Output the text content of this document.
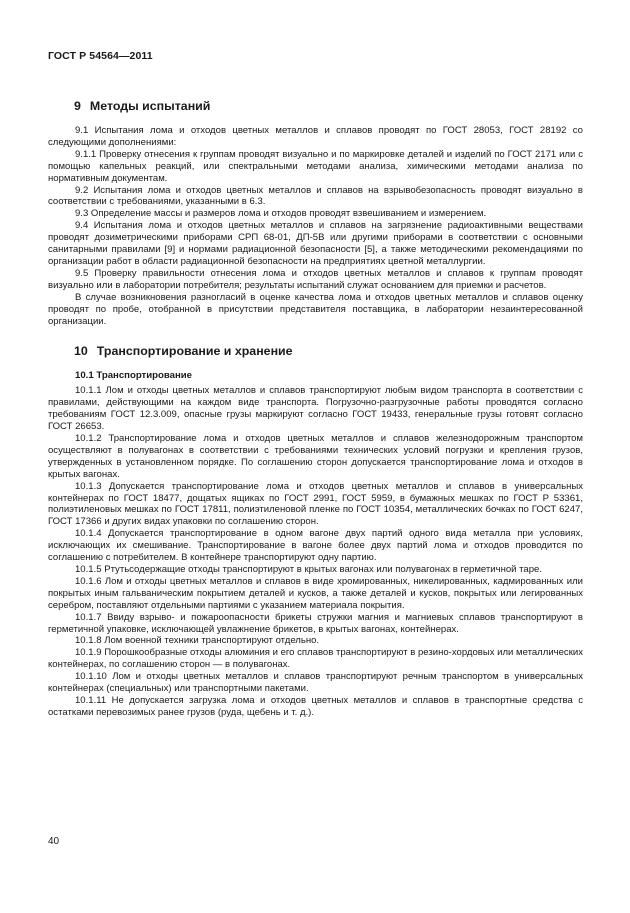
ГОСТ Р 54564—2011
9 Методы испытаний

9.1 Испытания лома и отходов цветных металлов и сплавов проводят по ГОСТ 28053, ГОСТ 28192 со следующими дополнениями:

9.1.1 Проверку отнесения к группам проводят визуально и по маркировке деталей и изделий по ГОСТ 2171 или с помощью капельных реакций, или спектральными методами анализа, химическими методами анализа по нормативным документам.

9.2 Испытания лома и отходов цветных металлов и сплавов на взрывобезопасность проводят визуально в соответствии с требованиями, указанными в 6.3.

9.3 Определение массы и размеров лома и отходов проводят взвешиванием и измерением.

9.4 Испытания лома и отходов цветных металлов и сплавов на загрязнение радиоактивными веществами проводят дозиметрическими приборами СРП 68-01, ДП-5В или другими приборами в соответствии с основными санитарными правилами [9] и нормами радиационной безопасности [5], а также методическими рекомендациями по организации работ в области радиационной безопасности на предприятиях цветной металлургии.

9.5 Проверку правильности отнесения лома и отходов цветных металлов и сплавов к группам проводят визуально или в лаборатории потребителя; результаты испытаний служат основанием для приемки и расчетов.

В случае возникновения разногласий в оценке качества лома и отходов цветных металлов и сплавов оценку проводят по пробе, отобранной в присутствии представителя поставщика, в лаборатории незаинтересованной организации.

10 Транспортирование и хранение
10.1 Транспортирование

10.1.1 Лом и отходы цветных металлов и сплавов транспортируют любым видом транспорта в соответствии с правилами, действующими на каждом виде транспорта. Погрузочно-разгрузочные работы проводятся согласно требованиям ГОСТ 12.3.009, опасные грузы маркируют согласно ГОСТ 19433, генеральные грузы готовят согласно ГОСТ 26653.

10.1.2 Транспортирование лома и отходов цветных металлов и сплавов железнодорожным транспортом осуществляют в полувагонах в соответствии с требованиями технических условий погрузки и крепления грузов, утвержденных в установленном порядке. По соглашению сторон допускается транспортирование лома и отходов в крытых вагонах.

10.1.3 Допускается транспортирование лома и отходов цветных металлов и сплавов в универсальных контейнерах по ГОСТ 18477, дощатых ящиках по ГОСТ 2991, ГОСТ 5959, в бумажных мешках по ГОСТ Р 53361, полиэтиленовых мешках по ГОСТ 17811, полиэтиленовой пленке по ГОСТ 10354, металлических бочках по ГОСТ 6247, ГОСТ 17366 и других видах упаковки по соглашению сторон.

10.1.4 Допускается транспортирование в одном вагоне двух партий одного вида металла при условиях, исключающих их смешивание. Транспортирование в вагоне более двух партий лома и отходов проводится по соглашению с потребителем. В контейнере транспортируют одну партию.

10.1.5 Ртутьсодержащие отходы транспортируют в крытых вагонах или полувагонах в герметичной таре.

10.1.6 Лом и отходы цветных металлов и сплавов в виде хромированных, никелированных, кадмированных или покрытых иным гальваническим покрытием деталей и кусков, а также деталей и кусков, покрытых или легированных серебром, поставляют отдельными партиями с указанием материала покрытия.

10.1.7 Ввиду взрыво- и пожароопасности брикеты стружки магния и магниевых сплавов транспортируют в герметичной упаковке, исключающей увлажнение брикетов, в крытых вагонах, контейнерах.

10.1.8 Лом военной техники транспортируют отдельно.

10.1.9 Порошкообразные отходы алюминия и его сплавов транспортируют в резино-хордовых или металлических контейнерах, по соглашению сторон — в полувагонах.

10.1.10 Лом и отходы цветных металлов и сплавов транспортируют речным транспортом в универсальных контейнерах (специальных) или транспортными пакетами.

10.1.11 Не допускается загрузка лома и отходов цветных металлов и сплавов в транспортные средства с остатками перевозимых ранее грузов (руда, щебень и т. д.).

40
